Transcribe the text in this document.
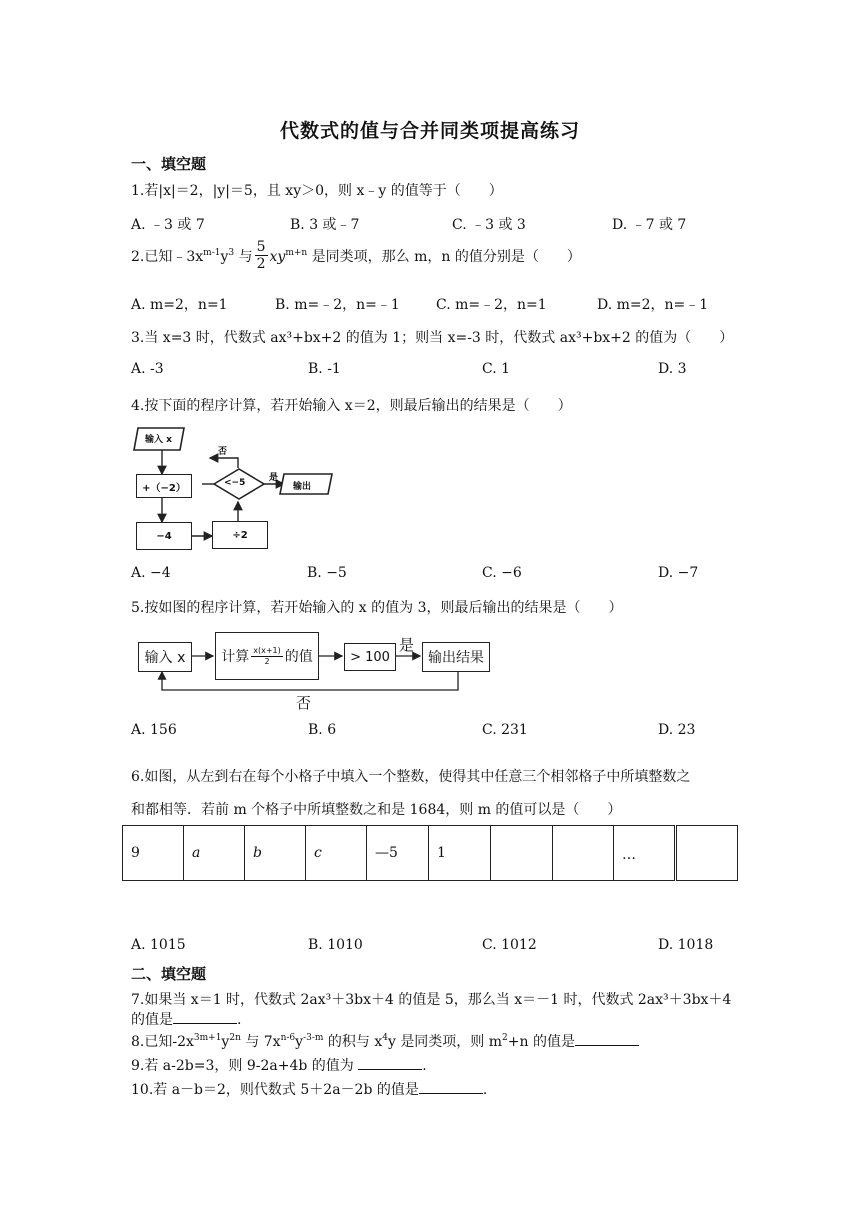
代数式的值与合并同类项提高练习
一、填空题
1.若|x|＝2，|y|＝5，且 xy＞0，则 x﹣y 的值等于（　　）
A. ﹣3 或 7	B. 3 或﹣7	C. ﹣3 或 3	D. ﹣7 或 7
2.已知$﹣3x^{m-1}y^3$ 与 $\frac{5}{2} xy^{m+n}$ 是同类项，那么 m，n 的值分别是（　　）
A. m=2，n=1	B. m=﹣2，n=﹣1	C. m=﹣2，n=1	D. m=2，n=﹣1
3.当 x=3 时，代数式 ax³+bx+2 的值为 1；则当 x=-3 时，代数式 ax³+bx+2 的值为（　　）
A. -3	B. -1	C. 1	D. 3
4.按下面的程序计算，若开始输入 x＝2，则最后输出的结果是（　　）
输入 x
+（−2）	<−5	输出
否
是
−4	÷2
A. −4	B. −5	C. −6	D. −7
5.按如图的程序计算，若开始输入的 x 的值为 3，则最后输出的结果是（　　）
输入 x	计算 $\frac{x(x+1)}{2}$ 的值	> 100	输出结果
是
否
A. 156	B. 6	C. 231	D. 23
6.如图，从左到右在每个小格子中填入一个整数，使得其中任意三个相邻格子中所填整数之
和都相等．若前 m 个格子中所填整数之和是 1684，则 m 的值可以是（　　）
9	a	b	c	—5	1	…
A. 1015	B. 1010	C. 1012	D. 1018
二、填空题
7.如果当 x＝1 时，代数式 2ax³＋3bx＋4 的值是 5，那么当 x＝－1 时，代数式 2ax³＋3bx＋4
的值是	.
8.已知$-2x^{3m+1}y^{2n}$ 与 $7x^{n-6}y^{-3-m}$ 的积与 $x^4y$ 是同类项，则 $m^2+n$ 的值是
9.若 a-2b=3，则 9-2a+4b 的值为	.
10.若 a－b＝2，则代数式 5＋2a－2b 的值是	.
